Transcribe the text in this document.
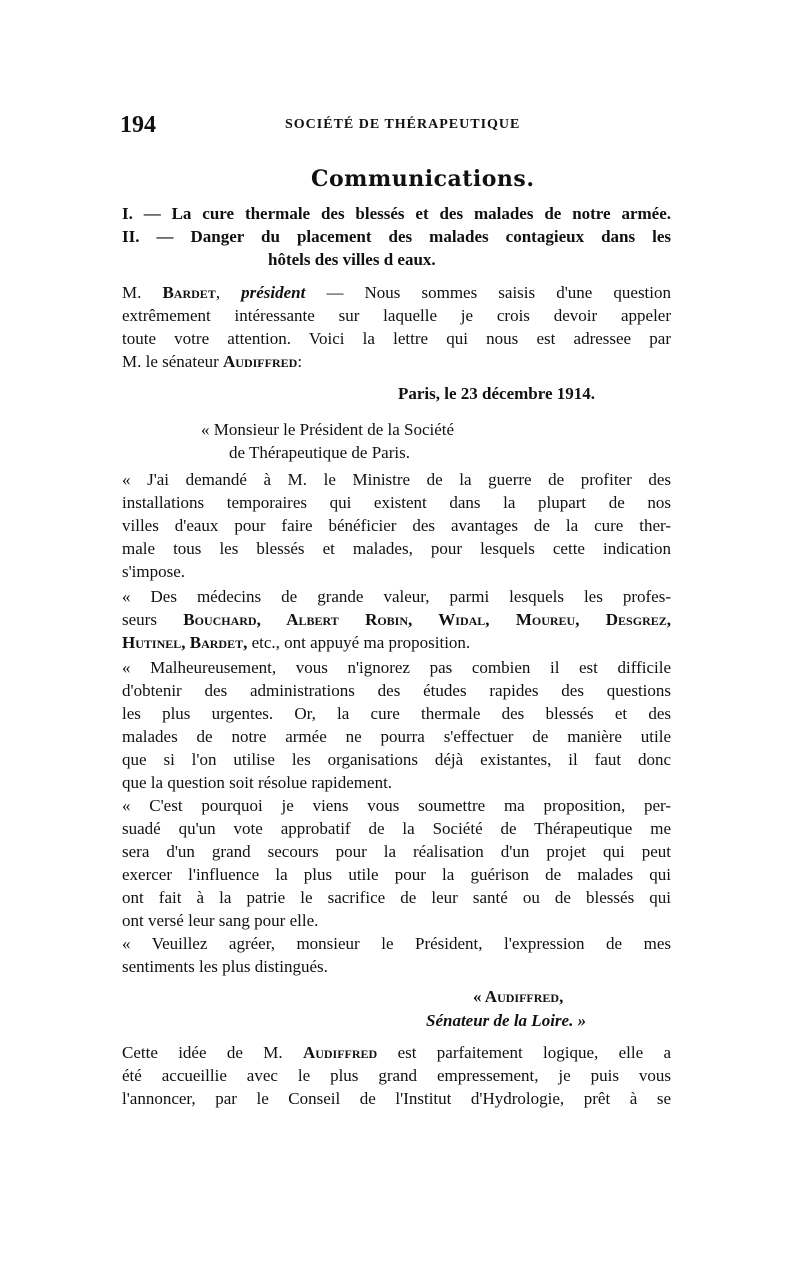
194	SOCIÉTÉ DE THÉRAPEUTIQUE
Communications.
I. — La cure thermale des blessés et des malades de notre armée.
II. — Danger du placement des malades contagieux dans les
hôtels des villes d eaux.
M. Bardet, président — Nous sommes saisis d'une question
extrêmement intéressante sur laquelle je crois devoir appeler
toute votre attention. Voici la lettre qui nous est adressee par
M. le sénateur Audiffred:
Paris, le 23 décembre 1914.
« Monsieur le Président de la Société
de Thérapeutique de Paris.
« J'ai demandé à M. le Ministre de la guerre de profiter des
installations temporaires qui existent dans la plupart de nos
villes d'eaux pour faire bénéficier des avantages de la cure ther-
male tous les blessés et malades, pour lesquels cette indication
s'impose.
« Des médecins de grande valeur, parmi lesquels les profes-
seurs Bouchard, Albert Robin, Widal, Moureu, Desgrez,
Hutinel, Bardet, etc., ont appuyé ma proposition.
« Malheureusement, vous n'ignorez pas combien il est difficile
d'obtenir des administrations des études rapides des questions
les plus urgentes. Or, la cure thermale des blessés et des
malades de notre armée ne pourra s'effectuer de manière utile
que si l'on utilise les organisations déjà existantes, il faut donc
que la question soit résolue rapidement.
« C'est pourquoi je viens vous soumettre ma proposition, per-
suadé qu'un vote approbatif de la Société de Thérapeutique me
sera d'un grand secours pour la réalisation d'un projet qui peut
exercer l'influence la plus utile pour la guérison de malades qui
ont fait à la patrie le sacrifice de leur santé ou de blessés qui
ont versé leur sang pour elle.
« Veuillez agréer, monsieur le Président, l'expression de mes
sentiments les plus distingués.
« Audiffred,
Sénateur de la Loire. »
Cette idée de M. Audiffred est parfaitement logique, elle a
été accueillie avec le plus grand empressement, je puis vous
l'annoncer, par le Conseil de l'Institut d'Hydrologie, prêt à se
